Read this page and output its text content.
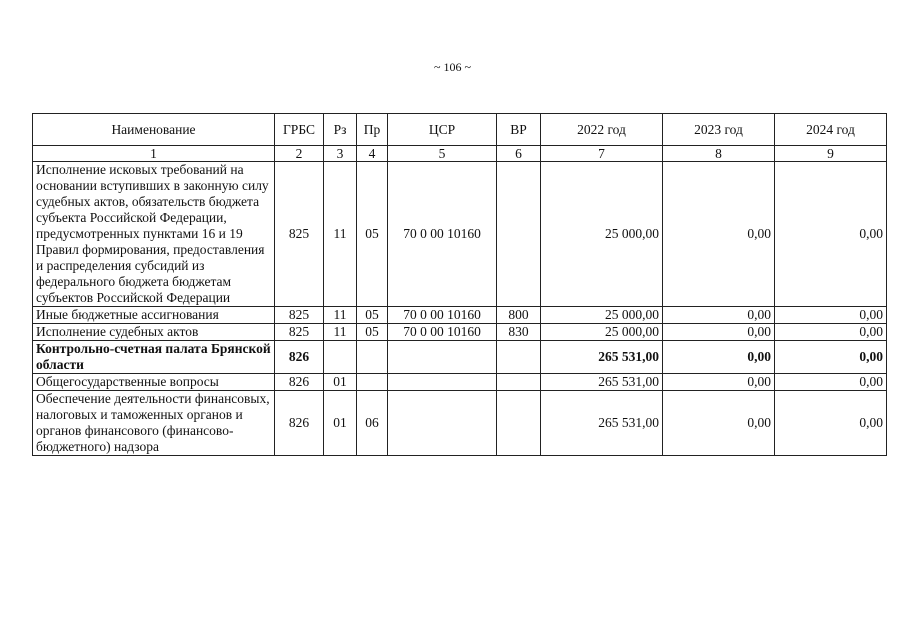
~ 106 ~
Наименование	ГРБС	Рз	Пр	ЦСР	ВР	2022 год	2023 год	2024 год
1	2	3	4	5	6	7	8	9
Исполнение исковых требований на основании вступивших в законную силу судебных актов, обязательств бюджета субъекта Российской Федерации, предусмотренных пунктами 16 и 19 Правил формирования, предоставления и распределения субсидий из федерального бюджета бюджетам субъектов Российской Федерации	825	11	05	70 0 00 10160		25 000,00	0,00	0,00
Иные бюджетные ассигнования	825	11	05	70 0 00 10160	800	25 000,00	0,00	0,00
Исполнение судебных актов	825	11	05	70 0 00 10160	830	25 000,00	0,00	0,00
Контрольно-счетная палата Брянской области	826					265 531,00	0,00	0,00
Общегосударственные вопросы	826	01				265 531,00	0,00	0,00
Обеспечение деятельности финансовых, налоговых и таможенных органов и органов финансового (финансово-бюджетного) надзора	826	01	06			265 531,00	0,00	0,00
